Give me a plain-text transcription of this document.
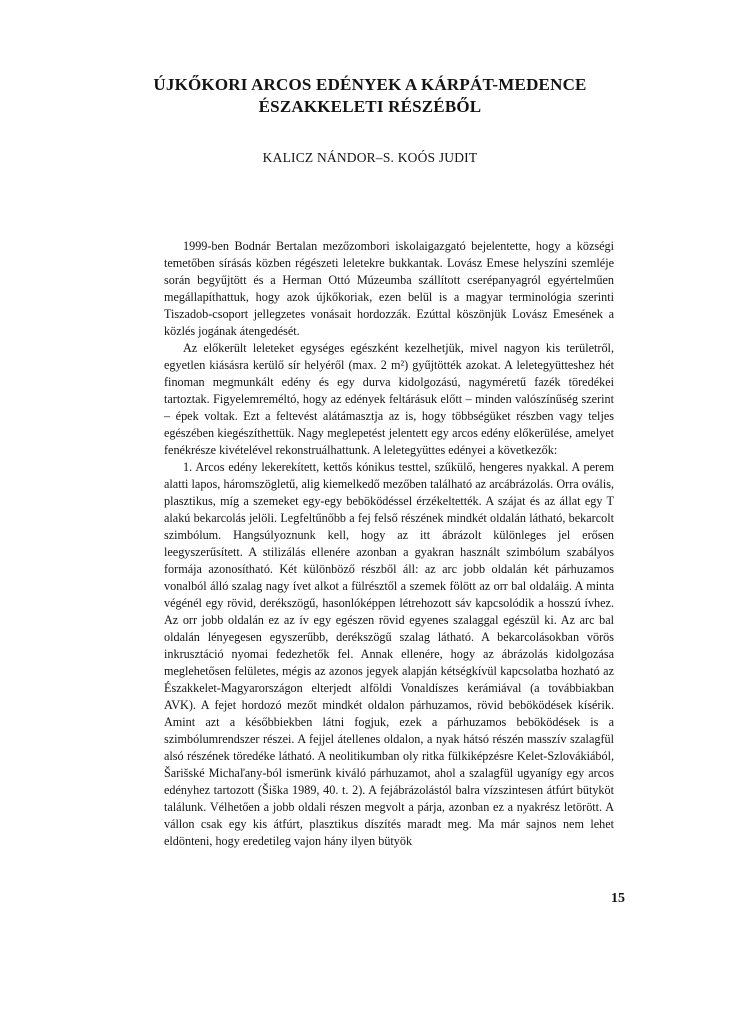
ÚJKŐKORI ARCOS EDÉNYEK A KÁRPÁT-MEDENCE
ÉSZAKKELETI RÉSZÉBŐL
KALICZ NÁNDOR–S. KOÓS JUDIT

1999-ben Bodnár Bertalan mezőzombori iskolaigazgató bejelentette, hogy a községi temetőben sírásás közben régészeti leletekre bukkantak. Lovász Emese helyszíni szemléje során begyűjtött és a Herman Ottó Múzeumba szállított cserépanyagról egyértelműen megállapíthattuk, hogy azok újkőkoriak, ezen belül is a magyar terminológia szerinti Tiszadob-csoport jellegzetes vonásait hordozzák. Ezúttal köszönjük Lovász Emesének a közlés jogának átengedését.

Az előkerült leleteket egységes egészként kezelhetjük, mivel nagyon kis területről, egyetlen kiásásra kerülő sír helyéről (max. 2 m²) gyűjtötték azokat. A leletegyütteshez hét finoman megmunkált edény és egy durva kidolgozású, nagyméretű fazék töredékei tartoztak. Figyelemreméltó, hogy az edények feltárásuk előtt – minden valószínűség szerint – épek voltak. Ezt a feltevést alátámasztja az is, hogy többségüket részben vagy teljes egészében kiegészíthettük. Nagy meglepetést jelentett egy arcos edény előkerülése, amelyet fenékrésze kivételével rekonstruálhattunk. A leletegyüttes edényei a következők:

1. Arcos edény lekerekített, kettős kónikus testtel, szűkülő, hengeres nyakkal. A perem alatti lapos, háromszögletű, alig kiemelkedő mezőben található az arcábrázolás. Orra ovális, plasztikus, míg a szemeket egy-egy beböködéssel érzékeltették. A szájat és az állat egy T alakú bekarcolás jelöli. Legfeltűnőbb a fej felső részének mindkét oldalán látható, bekarcolt szimbólum. Hangsúlyoznunk kell, hogy az itt ábrázolt különleges jel erősen leegyszerűsített. A stilizálás ellenére azonban a gyakran használt szimbólum szabályos formája azonosítható. Két különböző részből áll: az arc jobb oldalán két párhuzamos vonalból álló szalag nagy ívet alkot a fülrésztől a szemek fölött az orr bal oldaláig. A minta végénél egy rövid, derékszögű, hasonlóképpen létrehozott sáv kapcsolódik a hosszú ívhez. Az orr jobb oldalán ez az ív egy egészen rövid egyenes szalaggal egészül ki. Az arc bal oldalán lényegesen egyszerűbb, derékszögű szalag látható. A bekarcolásokban vörös inkrusztáció nyomai fedezhetők fel. Annak ellenére, hogy az ábrázolás kidolgozása meglehetősen felületes, mégis az azonos jegyek alapján kétségkívül kapcsolatba hozható az Északkelet-Magyarországon elterjedt alföldi Vonaldíszes kerámiával (a továbbiakban AVK). A fejet hordozó mezőt mindkét oldalon párhuzamos, rövid beböködések kísérik. Amint azt a későbbiekben látni fogjuk, ezek a párhuzamos beböködések is a szimbólumrendszer részei. A fejjel átellenes oldalon, a nyak hátsó részén masszív szalagfül alsó részének töredéke látható. A neolitikumban oly ritka fülkiképzésre Kelet-Szlovákiából, Šarišské Michaľany-ból ismerünk kiváló párhuzamot, ahol a szalagfül ugyanígy egy arcos edényhez tartozott (Šiška 1989, 40. t. 2). A fejábrázolástól balra vízszintesen átfúrt bütyköt találunk. Vélhetően a jobb oldali részen megvolt a párja, azonban ez a nyakrész letörött. A vállon csak egy kis átfúrt, plasztikus díszítés maradt meg. Ma már sajnos nem lehet eldönteni, hogy eredetileg vajon hány ilyen bütyök

15
